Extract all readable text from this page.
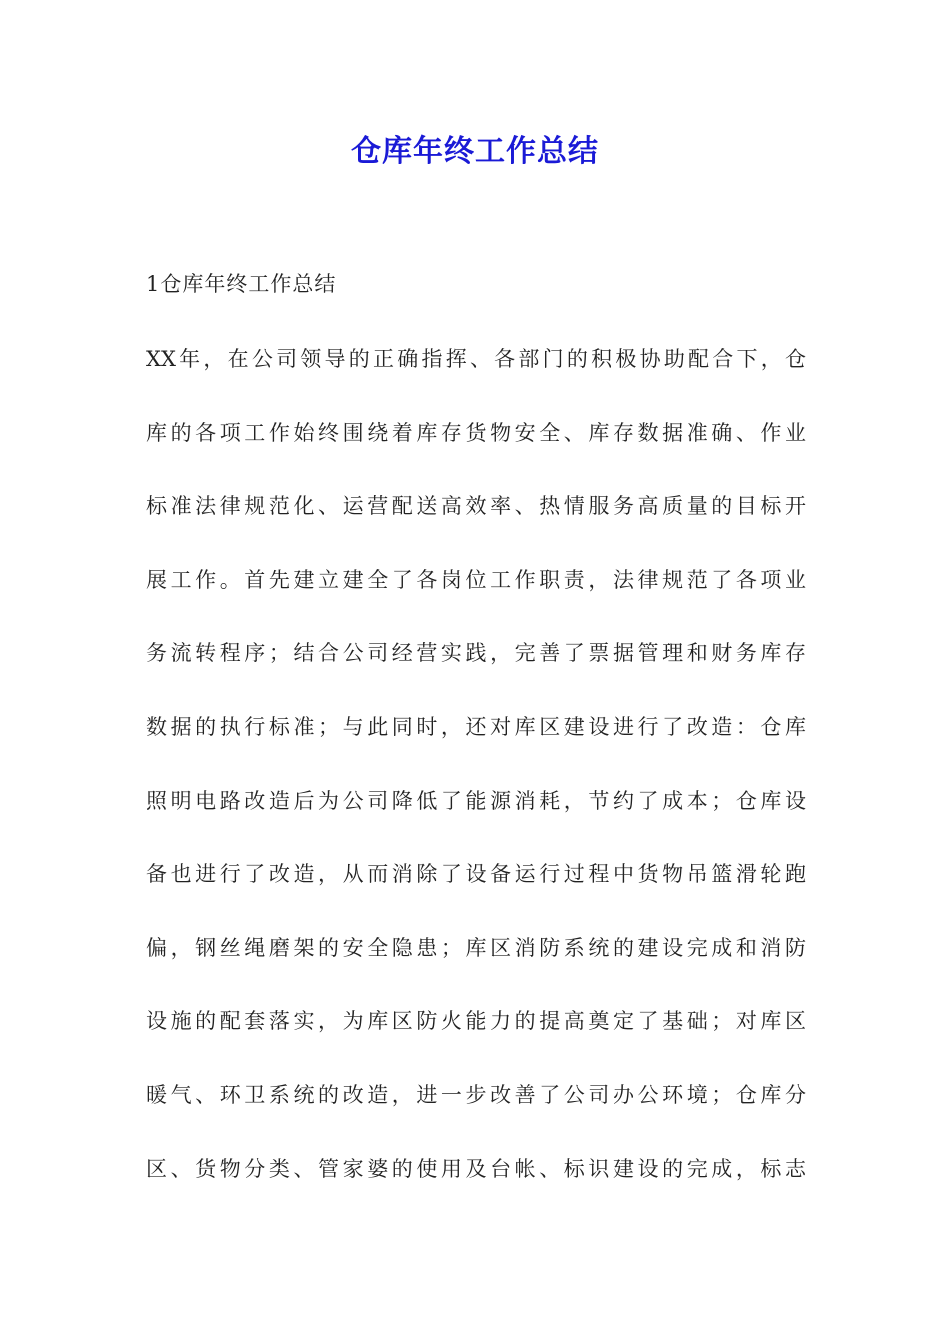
仓库年终工作总结
1仓库年终工作总结
XX年，在公司领导的正确指挥、各部门的积极协助配合下，仓
库的各项工作始终围绕着库存货物安全、库存数据准确、作业
标准法律规范化、运营配送高效率、热情服务高质量的目标开
展工作。首先建立建全了各岗位工作职责，法律规范了各项业
务流转程序；结合公司经营实践，完善了票据管理和财务库存
数据的执行标准；与此同时，还对库区建设进行了改造：仓库
照明电路改造后为公司降低了能源消耗，节约了成本；仓库设
备也进行了改造，从而消除了设备运行过程中货物吊篮滑轮跑
偏，钢丝绳磨架的安全隐患；库区消防系统的建设完成和消防
设施的配套落实，为库区防火能力的提高奠定了基础；对库区
暖气、环卫系统的改造，进一步改善了公司办公环境；仓库分
区、货物分类、管家婆的使用及台帐、标识建设的完成，标志
